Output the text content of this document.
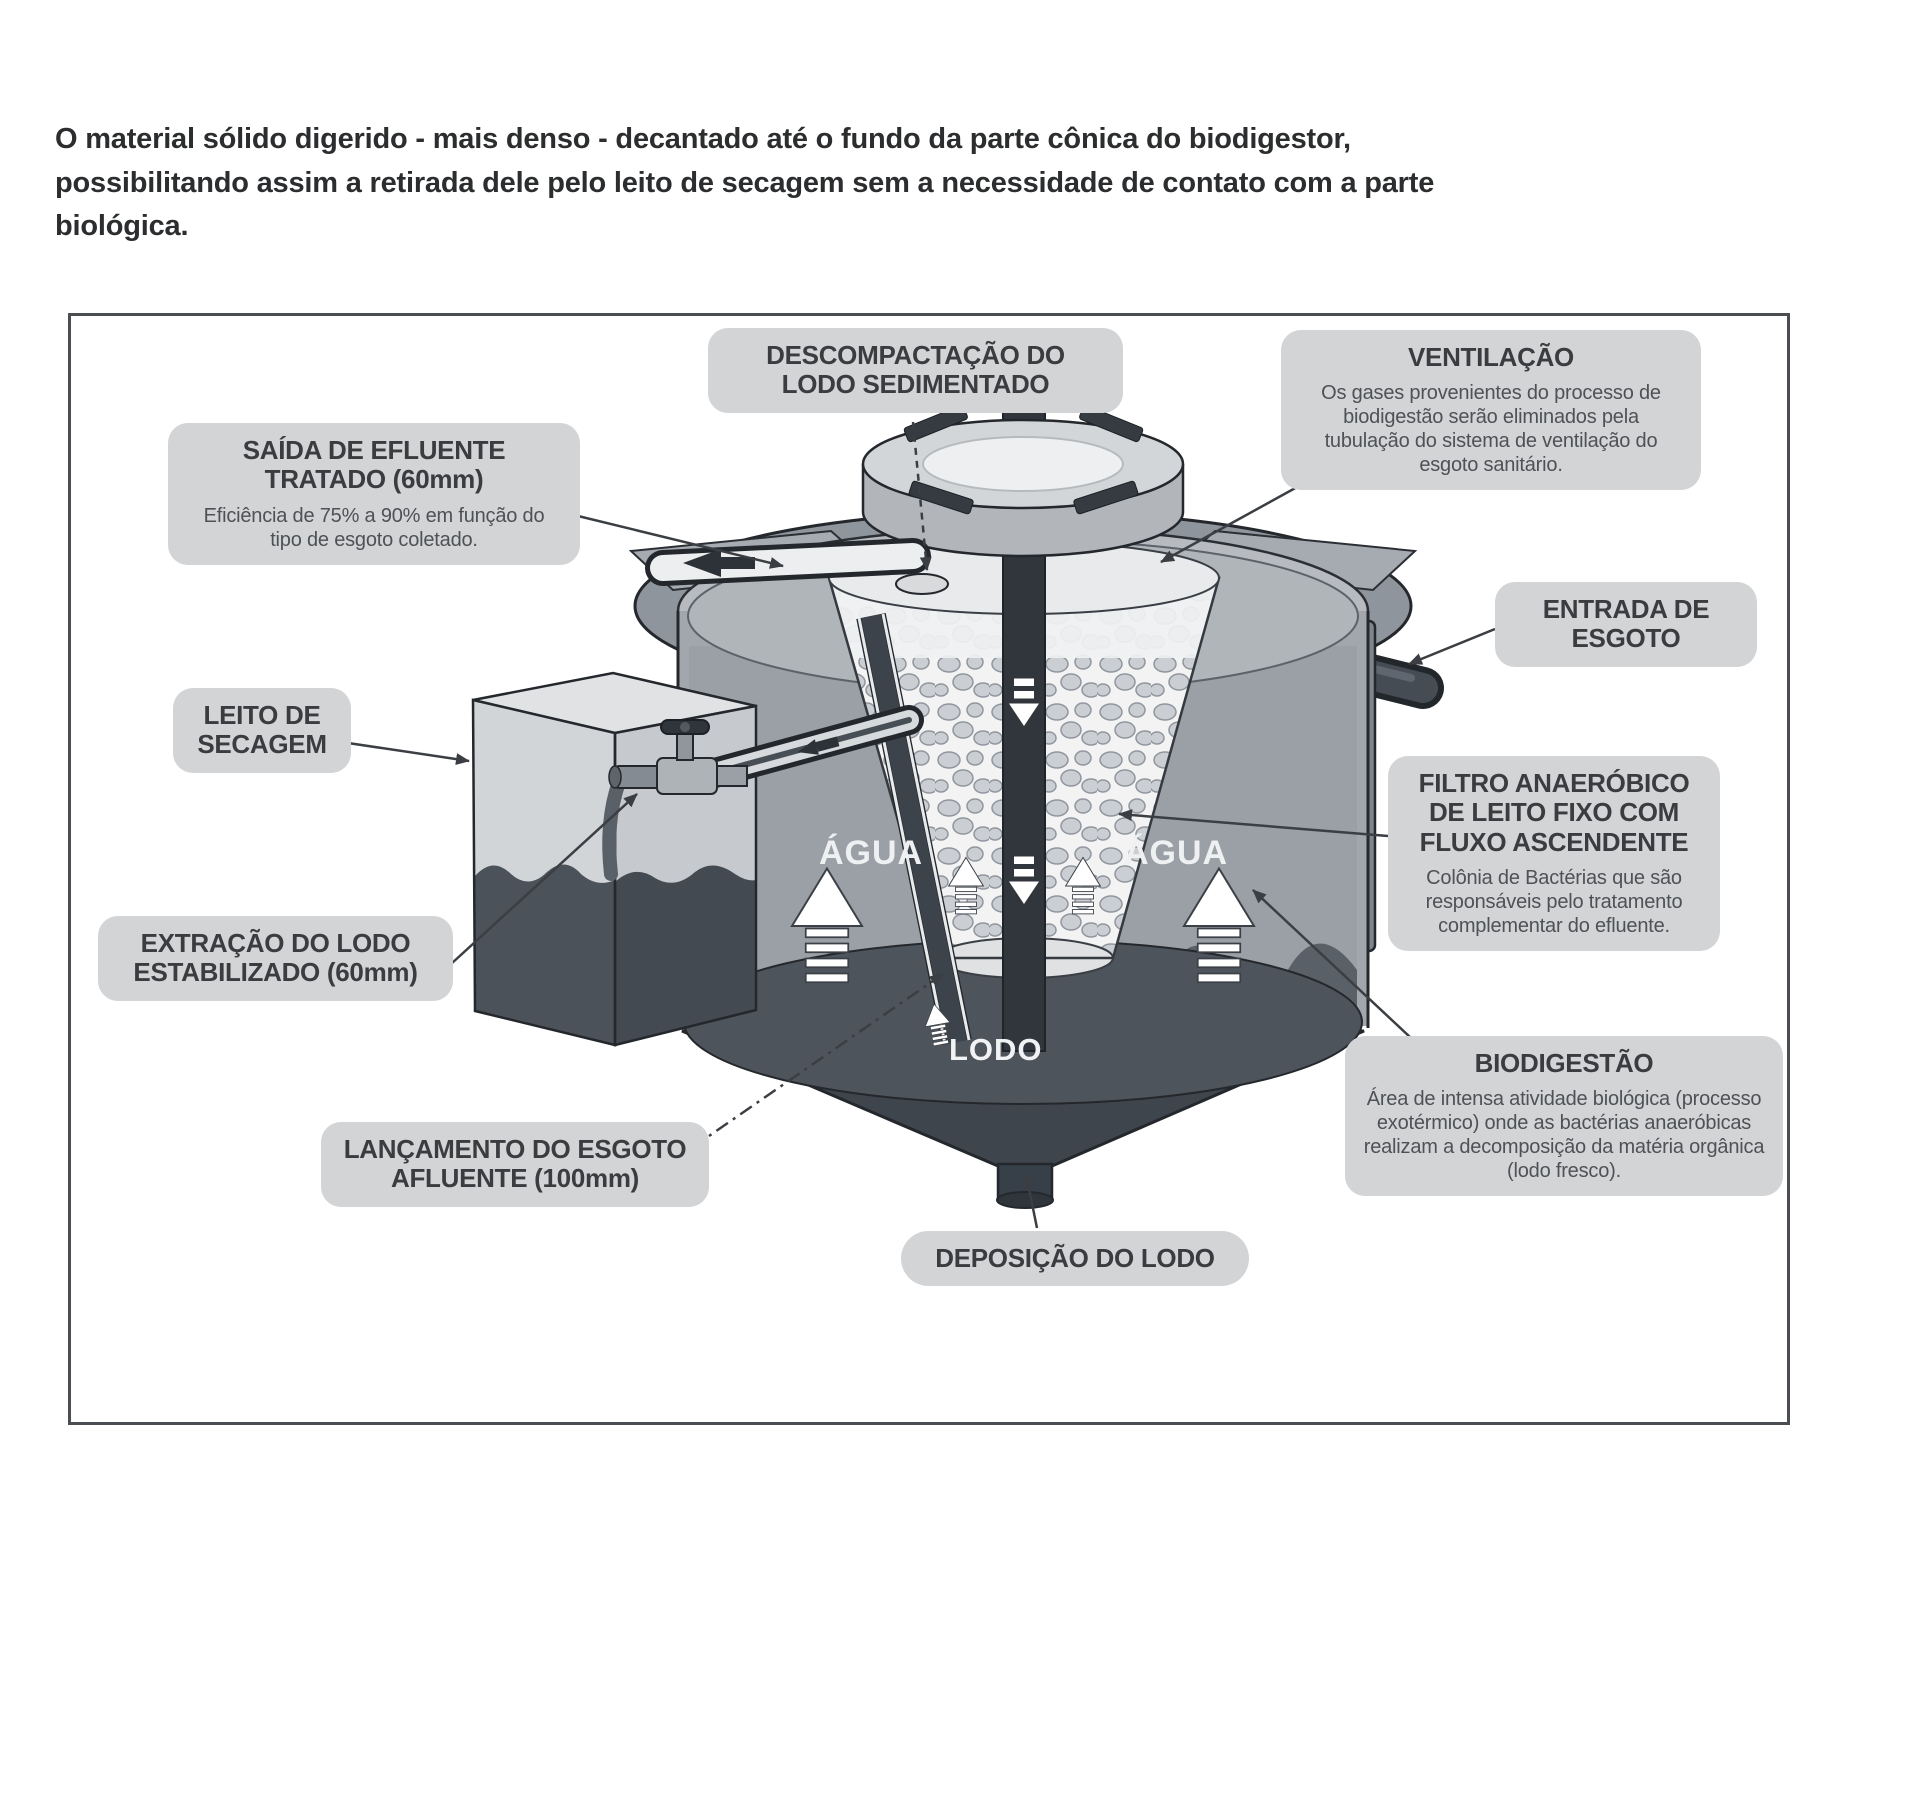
O material sólido digerido - mais denso - decantado até o fundo da parte cônica do biodigestor, possibilitando assim a retirada dele pelo leito de secagem sem a necessidade de contato com a parte biológica.

ÁGUA	ÁGUA
LODO
DESCOMPACTAÇÃO DO LODO SEDIMENTADO
VENTILAÇÃO
Os gases provenientes do processo de biodigestão serão eliminados pela tubulação do sistema de ventilação do esgoto sanitário.
SAÍDA DE EFLUENTE TRATADO (60mm)
Eficiência de 75% a 90% em função do tipo de esgoto coletado.
LEITO DE SECAGEM
EXTRAÇÃO DO LODO ESTABILIZADO (60mm)
LANÇAMENTO DO ESGOTO AFLUENTE (100mm)
DEPOSIÇÃO DO LODO
ENTRADA DE ESGOTO
FILTRO ANAERÓBICO DE LEITO FIXO COM FLUXO ASCENDENTE
Colônia de Bactérias que são responsáveis pelo tratamento complementar do efluente.
BIODIGESTÃO
Área de intensa atividade biológica (processo exotérmico) onde as bactérias anaeróbicas realizam a decomposição da matéria orgânica (lodo fresco).
